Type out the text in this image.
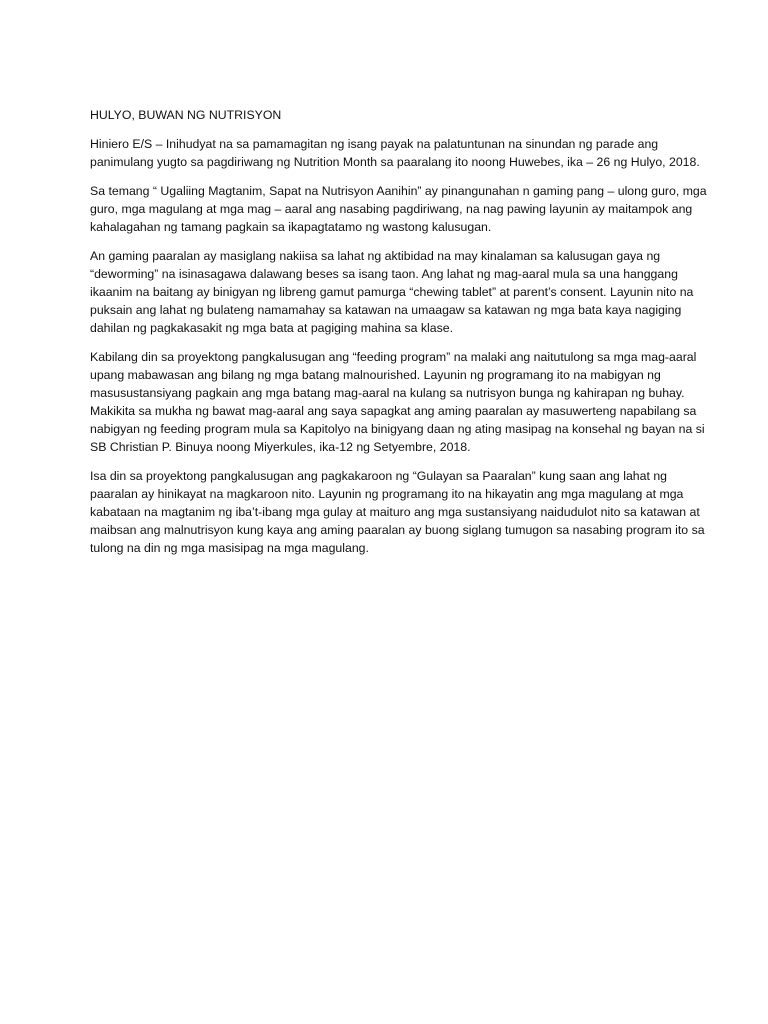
HULYO, BUWAN NG NUTRISYON

Hiniero E/S – Inihudyat na sa pamamagitan ng isang payak na palatuntunan na sinundan ng parade ang panimulang yugto sa pagdiriwang ng Nutrition Month sa paaralang ito noong Huwebes, ika – 26 ng Hulyo, 2018.

Sa temang “ Ugaliing Magtanim, Sapat na Nutrisyon Aanihin” ay pinangunahan n gaming pang – ulong guro, mga guro, mga magulang at mga mag – aaral ang nasabing pagdiriwang, na nag pawing layunin ay maitampok ang kahalagahan ng tamang pagkain sa ikapagtatamo ng wastong kalusugan.

An gaming paaralan ay masiglang nakiisa sa lahat ng aktibidad na may kinalaman sa kalusugan gaya ng “deworming” na isinasagawa dalawang beses sa isang taon. Ang lahat ng mag-aaral mula sa una hanggang ikaanim na baitang ay binigyan ng libreng gamut pamurga “chewing tablet” at parent’s consent. Layunin nito na puksain ang lahat ng bulateng namamahay sa katawan na umaagaw sa katawan ng mga bata kaya nagiging dahilan ng pagkakasakit ng mga bata at pagiging mahina sa klase.

Kabilang din sa proyektong pangkalusugan ang “feeding program” na malaki ang naitutulong sa mga mag-aaral upang mabawasan ang bilang ng mga batang malnourished. Layunin ng programang ito na mabigyan ng masusustansiyang pagkain ang mga batang mag-aaral na kulang sa nutrisyon bunga ng kahirapan ng buhay. Makikita sa mukha ng bawat mag-aaral ang saya sapagkat ang aming paaralan ay masuwerteng napabilang sa nabigyan ng feeding program mula sa Kapitolyo na binigyang daan ng ating masipag na konsehal ng bayan na si SB Christian P. Binuya noong Miyerkules, ika-12 ng Setyembre, 2018.

Isa din sa proyektong pangkalusugan ang pagkakaroon ng “Gulayan sa Paaralan” kung saan ang lahat ng paaralan ay hinikayat na magkaroon nito. Layunin ng programang ito na hikayatin ang mga magulang at mga kabataan na magtanim ng iba’t-ibang mga gulay at maituro ang mga sustansiyang naidudulot nito sa katawan at maibsan ang malnutrisyon kung kaya ang aming paaralan ay buong siglang tumugon sa nasabing program ito sa tulong na din ng mga masisipag na mga magulang.
